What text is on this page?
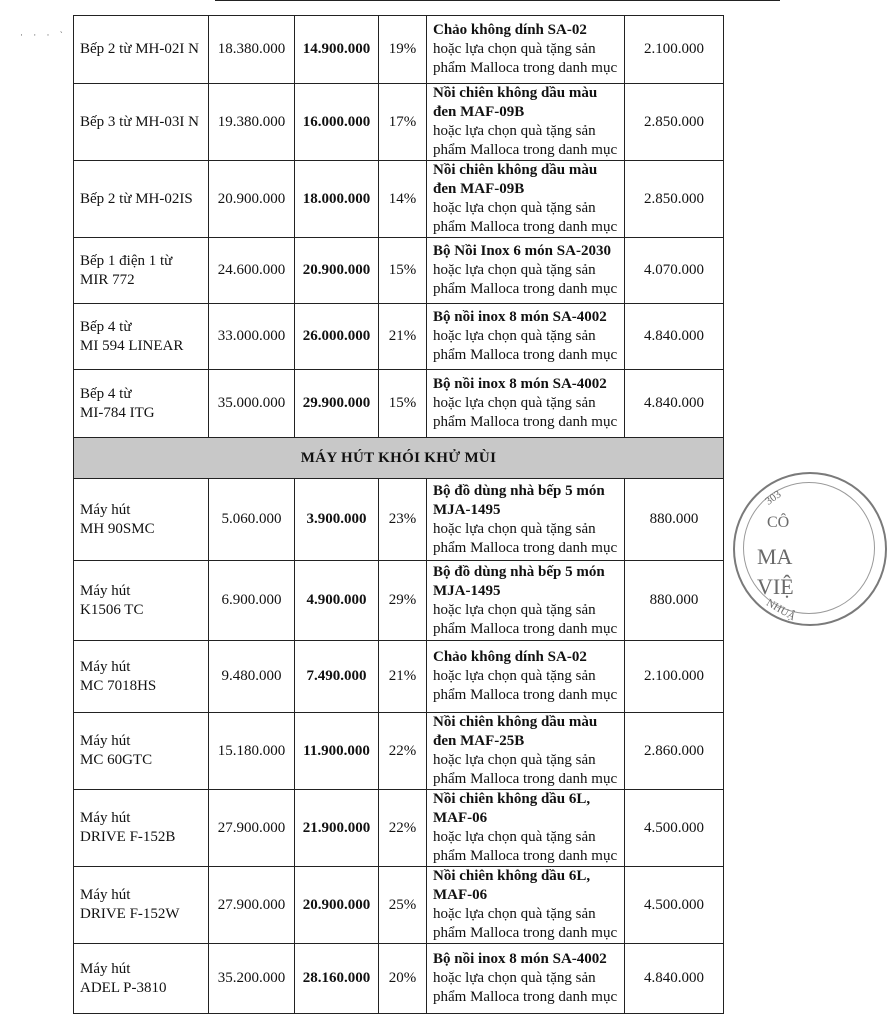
· · · `
Bếp 2 từ MH-02I N	18.380.000	14.900.000	19%	Chảo không dính SA-02
hoặc lựa chọn quà tặng sản phẩm Malloca trong danh mục	2.100.000

Bếp 3 từ MH-03I N	19.380.000	16.000.000	17%	Nồi chiên không dầu màu đen MAF-09B
hoặc lựa chọn quà tặng sản phẩm Malloca trong danh mục	2.850.000

Bếp 2 từ MH-02IS	20.900.000	18.000.000	14%	Nồi chiên không dầu màu đen MAF-09B
hoặc lựa chọn quà tặng sản phẩm Malloca trong danh mục	2.850.000

Bếp 1 điện 1 từ
MIR 772	24.600.000	20.900.000	15%	Bộ Nồi Inox 6 món SA-2030
hoặc lựa chọn quà tặng sản phẩm Malloca trong danh mục	4.070.000

Bếp 4 từ
MI 594 LINEAR	33.000.000	26.000.000	21%	Bộ nồi inox 8 món SA-4002
hoặc lựa chọn quà tặng sản phẩm Malloca trong danh mục	4.840.000

Bếp 4 từ
MI-784 ITG	35.000.000	29.900.000	15%	Bộ nồi inox 8 món SA-4002
hoặc lựa chọn quà tặng sản phẩm Malloca trong danh mục	4.840.000
MÁY HÚT KHÓI KHỬ MÙI					

Máy hút
MH 90SMC	5.060.000	3.900.000	23%	Bộ đồ dùng nhà bếp 5 món MJA-1495
hoặc lựa chọn quà tặng sản phẩm Malloca trong danh mục	880.000

Máy hút
K1506 TC	6.900.000	4.900.000	29%	Bộ đồ dùng nhà bếp 5 món MJA-1495
hoặc lựa chọn quà tặng sản phẩm Malloca trong danh mục	880.000

Máy hút
MC 7018HS	9.480.000	7.490.000	21%	Chảo không dính SA-02
hoặc lựa chọn quà tặng sản phẩm Malloca trong danh mục	2.100.000

Máy hút
MC 60GTC	15.180.000	11.900.000	22%	Nồi chiên không dầu màu đen MAF-25B
hoặc lựa chọn quà tặng sản phẩm Malloca trong danh mục	2.860.000

Máy hút
DRIVE F-152B	27.900.000	21.900.000	22%	Nồi chiên không dầu 6L, MAF-06
hoặc lựa chọn quà tặng sản phẩm Malloca trong danh mục	4.500.000

Máy hút
DRIVE F-152W	27.900.000	20.900.000	25%	Nồi chiên không dầu 6L, MAF-06
hoặc lựa chọn quà tặng sản phẩm Malloca trong danh mục	4.500.000

Máy hút
ADEL P-3810	35.200.000	28.160.000	20%	Bộ nồi inox 8 món SA-4002
hoặc lựa chọn quà tặng sản phẩm Malloca trong danh mục	4.840.000
303
CÔ
MA
VIỆ
NHUẬ
